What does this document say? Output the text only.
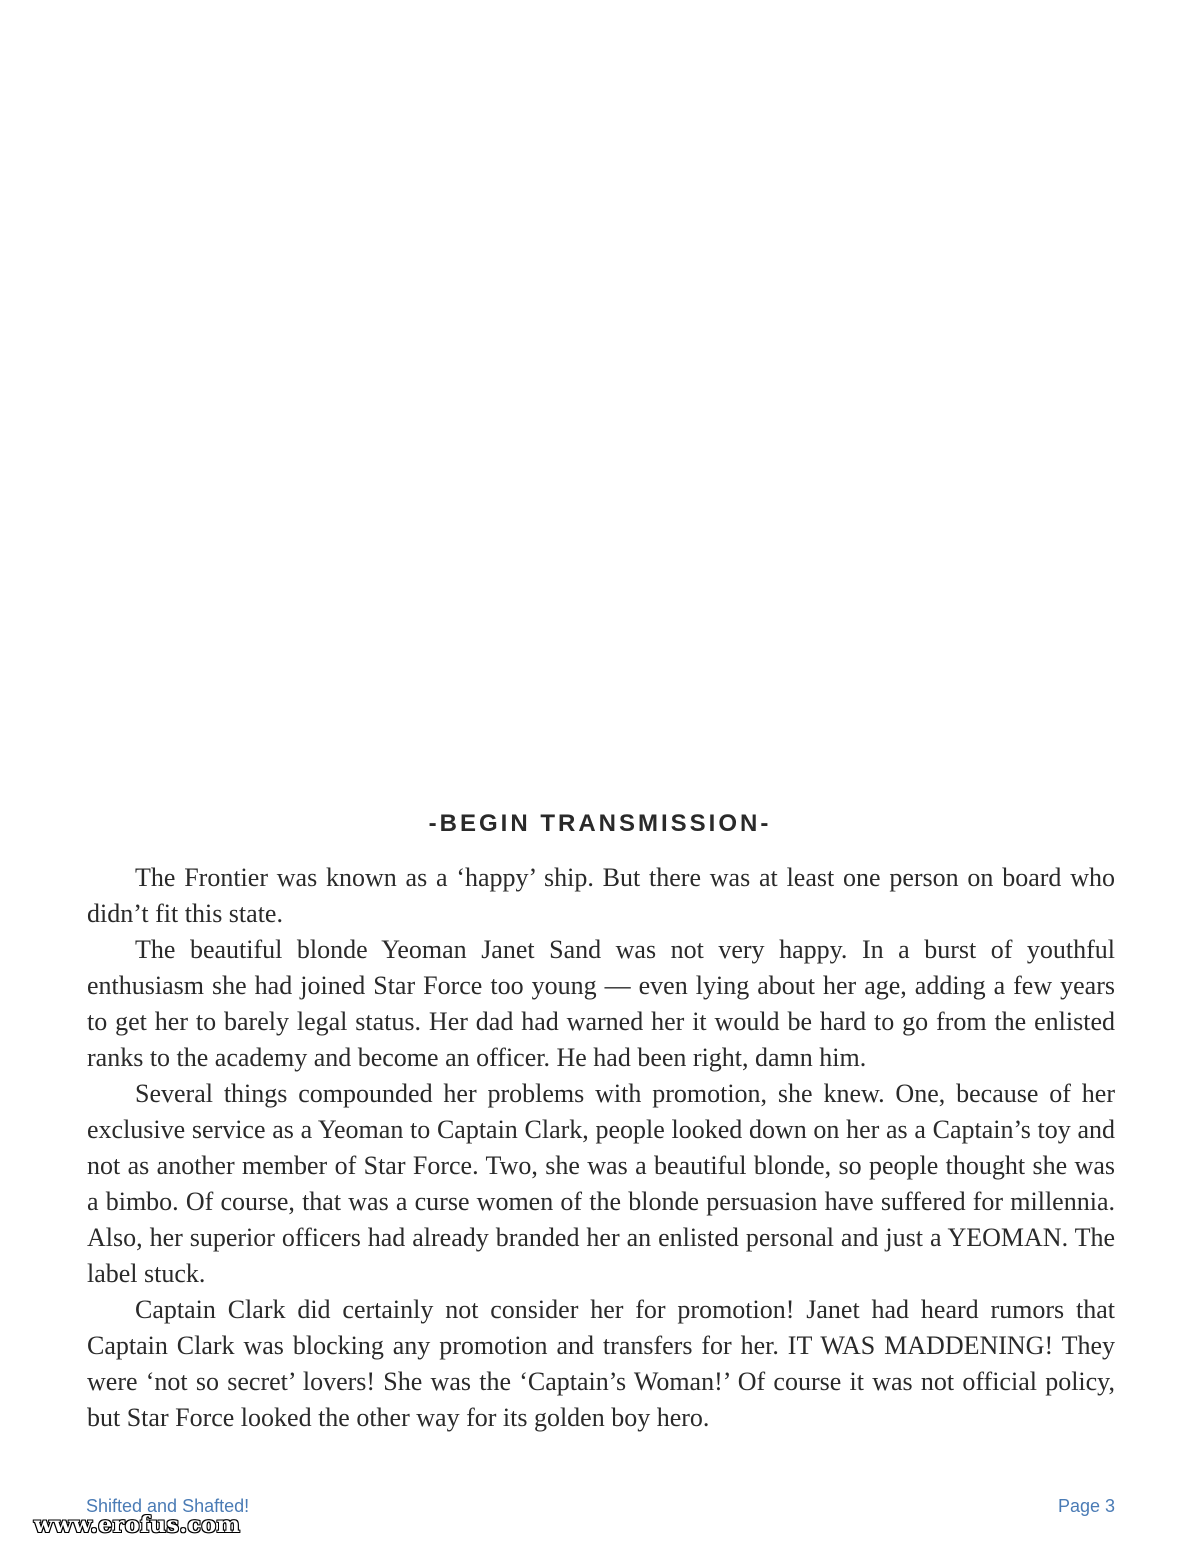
-BEGIN TRANSMISSION-

The Frontier was known as a ‘happy’ ship. But there was at least one person on board who didn’t fit this state.

The beautiful blonde Yeoman Janet Sand was not very happy. In a burst of youthful enthusiasm she had joined Star Force too young — even lying about her age, adding a few years to get her to barely legal status. Her dad had warned her it would be hard to go from the enlisted ranks to the academy and become an officer. He had been right, damn him.

Several things compounded her problems with promotion, she knew. One, because of her exclusive service as a Yeoman to Captain Clark, people looked down on her as a Captain’s toy and not as another member of Star Force. Two, she was a beautiful blonde, so people thought she was a bimbo. Of course, that was a curse women of the blonde persuasion have suffered for millennia. Also, her superior officers had already branded her an enlisted personal and just a YEOMAN. The label stuck.

Captain Clark did certainly not consider her for promotion! Janet had heard rumors that Captain Clark was blocking any promotion and transfers for her. IT WAS MADDENING! They were ‘not so secret’ lovers! She was the ‘Captain’s Woman!’ Of course it was not official policy, but Star Force looked the other way for its golden boy hero.

Shifted and Shafted!	Page 3
www.erofus.com
